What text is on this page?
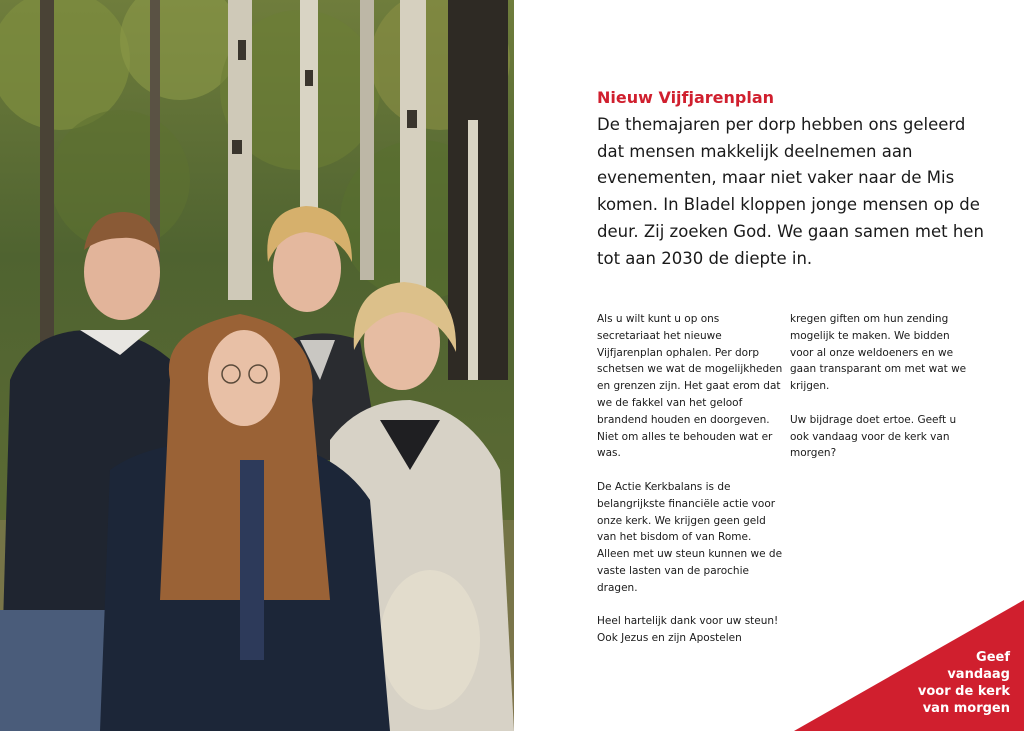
Nieuw Vijfjarenplan

De themajaren per dorp hebben ons geleerd dat mensen makkelijk deelnemen aan evenementen, maar niet vaker naar de Mis komen. In Bladel kloppen jonge mensen op de deur. Zij zoeken God. We gaan samen met hen tot aan 2030 de diepte in.

Als u wilt kunt u op ons secretariaat het nieuwe Vijfjarenplan ophalen. Per dorp schetsen we wat de mogelijkheden en grenzen zijn. Het gaat erom dat we de fakkel van het geloof brandend houden en doorgeven. Niet om alles te behouden wat er was.

De Actie Kerkbalans is de belangrijkste financiële actie voor onze kerk. We krijgen geen geld van het bisdom of van Rome. Alleen met uw steun kunnen we de vaste lasten van de parochie dragen.

Heel hartelijk dank voor uw steun! Ook Jezus en zijn Apostelen

kregen giften om hun zending mogelijk te maken. We bidden voor al onze weldoeners en we gaan transparant om met wat we krijgen.

Uw bijdrage doet ertoe. Geeft u ook vandaag voor de kerk van morgen?

Geef
vandaag
voor de kerk
van morgen
